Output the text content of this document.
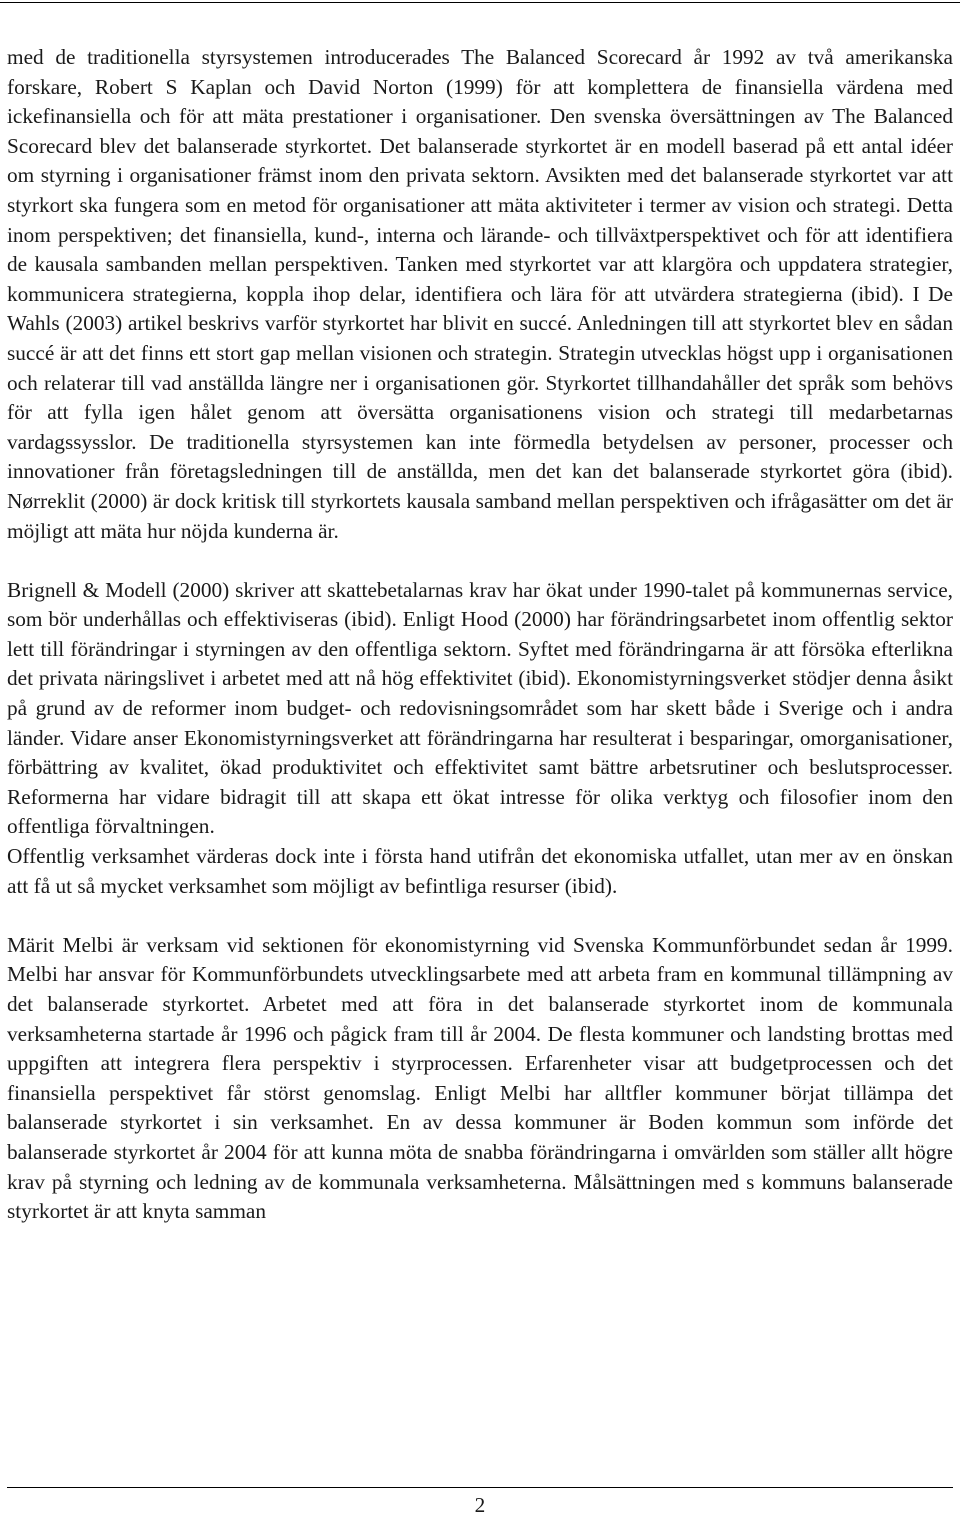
med de traditionella styrsystemen introducerades The Balanced Scorecard år 1992 av två amerikanska forskare, Robert S Kaplan och David Norton (1999) för att komplettera de finansiella värdena med ickefinansiella och för att mäta prestationer i organisationer. Den svenska översättningen av The Balanced Scorecard blev det balanserade styrkortet. Det balanserade styrkortet är en modell baserad på ett antal idéer om styrning i organisationer främst inom den privata sektorn. Avsikten med det balanserade styrkortet var att styrkort ska fungera som en metod för organisationer att mäta aktiviteter i termer av vision och strategi. Detta inom perspektiven; det finansiella, kund-, interna och lärande- och tillväxtperspektivet och för att identifiera de kausala sambanden mellan perspektiven. Tanken med styrkortet var att klargöra och uppdatera strategier, kommunicera strategierna, koppla ihop delar, identifiera och lära för att utvärdera strategierna (ibid). I De Wahls (2003) artikel beskrivs varför styrkortet har blivit en succé. Anledningen till att styrkortet blev en sådan succé är att det finns ett stort gap mellan visionen och strategin. Strategin utvecklas högst upp i organisationen och relaterar till vad anställda längre ner i organisationen gör. Styrkortet tillhandahåller det språk som behövs för att fylla igen hålet genom att översätta organisationens vision och strategi till medarbetarnas vardagssysslor. De traditionella styrsystemen kan inte förmedla betydelsen av personer, processer och innovationer från företagsledningen till de anställda, men det kan det balanserade styrkortet göra (ibid). Nørreklit (2000) är dock kritisk till styrkortets kausala samband mellan perspektiven och ifrågasätter om det är möjligt att mäta hur nöjda kunderna är.

Brignell & Modell (2000) skriver att skattebetalarnas krav har ökat under 1990-talet på kommunernas service, som bör underhållas och effektiviseras (ibid). Enligt Hood (2000) har förändringsarbetet inom offentlig sektor lett till förändringar i styrningen av den offentliga sektorn. Syftet med förändringarna är att försöka efterlikna det privata näringslivet i arbetet med att nå hög effektivitet (ibid). Ekonomistyrningsverket stödjer denna åsikt på grund av de reformer inom budget- och redovisningsområdet som har skett både i Sverige och i andra länder. Vidare anser Ekonomistyrningsverket att förändringarna har resulterat i besparingar, omorganisationer, förbättring av kvalitet, ökad produktivitet och effektivitet samt bättre arbetsrutiner och beslutsprocesser. Reformerna har vidare bidragit till att skapa ett ökat intresse för olika verktyg och filosofier inom den offentliga förvaltningen.

Offentlig verksamhet värderas dock inte i första hand utifrån det ekonomiska utfallet, utan mer av en önskan att få ut så mycket verksamhet som möjligt av befintliga resurser (ibid).

Märit Melbi är verksam vid sektionen för ekonomistyrning vid Svenska Kommunförbundet sedan år 1999. Melbi har ansvar för Kommunförbundets utvecklingsarbete med att arbeta fram en kommunal tillämpning av det balanserade styrkortet. Arbetet med att föra in det balanserade styrkortet inom de kommunala verksamheterna startade år 1996 och pågick fram till år 2004. De flesta kommuner och landsting brottas med uppgiften att integrera flera perspektiv i styrprocessen. Erfarenheter visar att budgetprocessen och det finansiella perspektivet får störst genomslag. Enligt Melbi har alltfler kommuner börjat tillämpa det balanserade styrkortet i sin verksamhet. En av dessa kommuner är Boden kommun som införde det balanserade styrkortet år 2004 för att kunna möta de snabba förändringarna i omvärlden som ställer allt högre krav på styrning och ledning av de kommunala verksamheterna. Målsättningen med s kommuns balanserade styrkortet är att knyta samman

2
